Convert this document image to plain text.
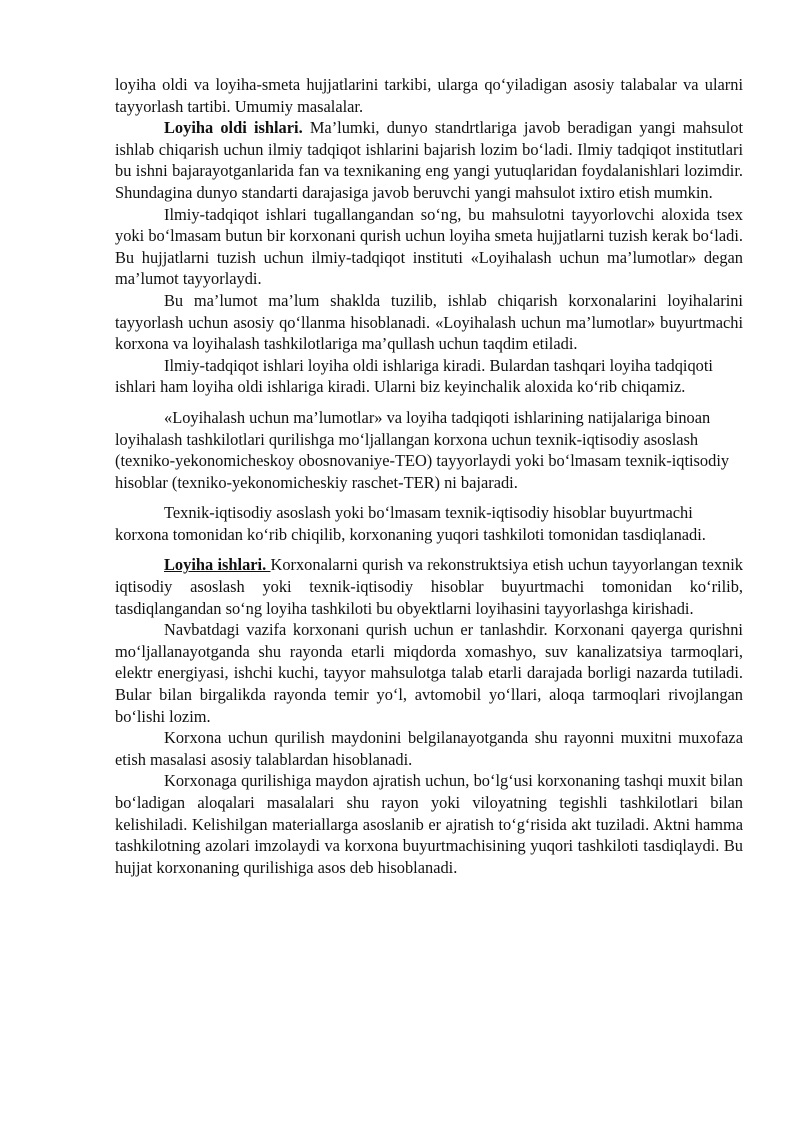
loyiha oldi va loyiha-smeta hujjatlarini tarkibi, ularga qo‘yiladigan asosiy talabalar va ularni tayyorlash tartibi. Umumiy masalalar.

Loyiha oldi ishlari. Ma’lumki, dunyo standrtlariga javob beradigan yangi mahsulot ishlab chiqarish uchun ilmiy tadqiqot ishlarini bajarish lozim bo‘ladi. Ilmiy tadqiqot institutlari bu ishni bajarayotganlarida fan va texnikaning eng yangi yutuqlaridan foydalanishlari lozimdir. Shundagina dunyo standarti darajasiga javob beruvchi yangi mahsulot ixtiro etish mumkin.

Ilmiy-tadqiqot ishlari tugallangandan so‘ng, bu mahsulotni tayyorlovchi aloxida tsex yoki bo‘lmasam butun bir korxonani qurish uchun loyiha smeta hujjatlarni tuzish kerak bo‘ladi. Bu hujjatlarni tuzish uchun ilmiy-tadqiqot instituti «Loyihalash uchun ma’lumotlar» degan ma’lumot tayyorlaydi.

Bu ma’lumot ma’lum shaklda tuzilib, ishlab chiqarish korxonalarini loyihalarini tayyorlash uchun asosiy qo‘llanma hisoblanadi. «Loyihalash uchun ma’lumotlar» buyurtmachi korxona va loyihalash tashkilotlariga ma’qullash uchun taqdim etiladi.

Ilmiy-tadqiqot ishlari loyiha oldi ishlariga kiradi. Bulardan tashqari loyiha tadqiqoti ishlari ham loyiha oldi ishlariga kiradi. Ularni biz keyinchalik aloxida ko‘rib chiqamiz.

«Loyihalash uchun ma’lumotlar» va loyiha tadqiqoti ishlarining natijalariga binoan loyihalash tashkilotlari qurilishga mo‘ljallangan korxona uchun texnik-iqtisodiy asoslash (texniko-yekonomicheskoy obosnovaniye-TEO) tayyorlaydi yoki bo‘lmasam texnik-iqtisodiy hisoblar (texniko-yekonomicheskiy raschet-TER) ni bajaradi.

Texnik-iqtisodiy asoslash yoki bo‘lmasam texnik-iqtisodiy hisoblar buyurtmachi korxona tomonidan ko‘rib chiqilib, korxonaning yuqori tashkiloti tomonidan tasdiqlanadi.

Loyiha ishlari. Korxonalarni qurish va rekonstruktsiya etish uchun tayyorlangan texnik iqtisodiy asoslash yoki texnik-iqtisodiy hisoblar buyurtmachi tomonidan ko‘rilib, tasdiqlangandan so‘ng loyiha tashkiloti bu obyektlarni loyihasini tayyorlashga kirishadi.

Navbatdagi vazifa korxonani qurish uchun er tanlashdir. Korxonani qayerga qurishni mo‘ljallanayotganda shu rayonda etarli miqdorda xomashyo, suv kanalizatsiya tarmoqlari, elektr energiyasi, ishchi kuchi, tayyor mahsulotga talab etarli darajada borligi nazarda tutiladi. Bular bilan birgalikda rayonda temir yo‘l, avtomobil yo‘llari, aloqa tarmoqlari rivojlangan bo‘lishi lozim.

Korxona uchun qurilish maydonini belgilanayotganda shu rayonni muxitni muxofaza etish masalasi asosiy talablardan hisoblanadi.

Korxonaga qurilishiga maydon ajratish uchun, bo‘lg‘usi korxonaning tashqi muxit bilan bo‘ladigan aloqalari masalalari shu rayon yoki viloyatning tegishli tashkilotlari bilan kelishiladi. Kelishilgan materiallarga asoslanib er ajratish to‘g‘risida akt tuziladi. Aktni hamma tashkilotning azolari imzolaydi va korxona buyurtmachisining yuqori tashkiloti tasdiqlaydi. Bu hujjat korxonaning qurilishiga asos deb hisoblanadi.
